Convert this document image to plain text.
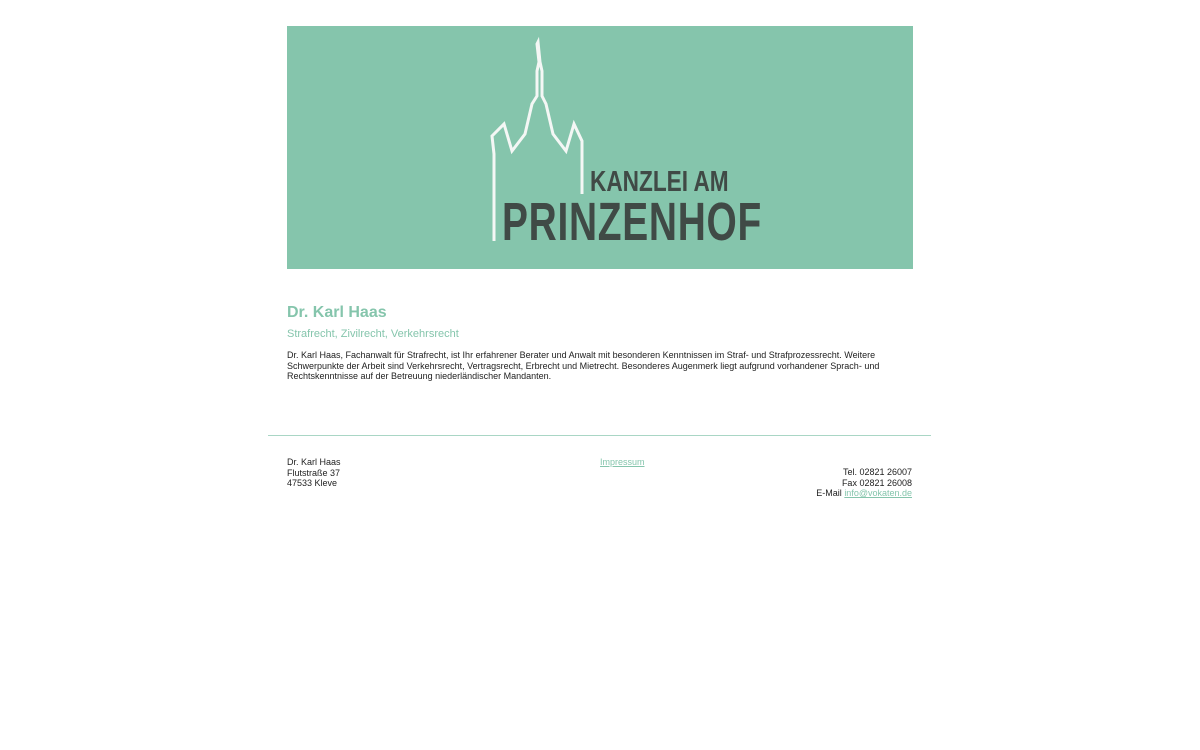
KANZLEI AM
PRINZENHOF
Dr. Karl Haas

Strafrecht, Zivilrecht, Verkehrsrecht

Dr. Karl Haas, Fachanwalt für Strafrecht, ist Ihr erfahrener Berater und Anwalt mit besonderen Kenntnissen im Straf- und Strafprozessrecht. Weitere Schwerpunkte der Arbeit sind Verkehrsrecht, Vertragsrecht, Erbrecht und Mietrecht. Besonderes Augenmerk liegt aufgrund vorhandener Sprach- und Rechtskenntnisse auf der Betreuung niederländischer Mandanten.

Dr. Karl Haas
Flutstraße 37
47533 Kleve
Impressum
Tel. 02821 26007
Fax 02821 26008
E-Mail info@vokaten.de
